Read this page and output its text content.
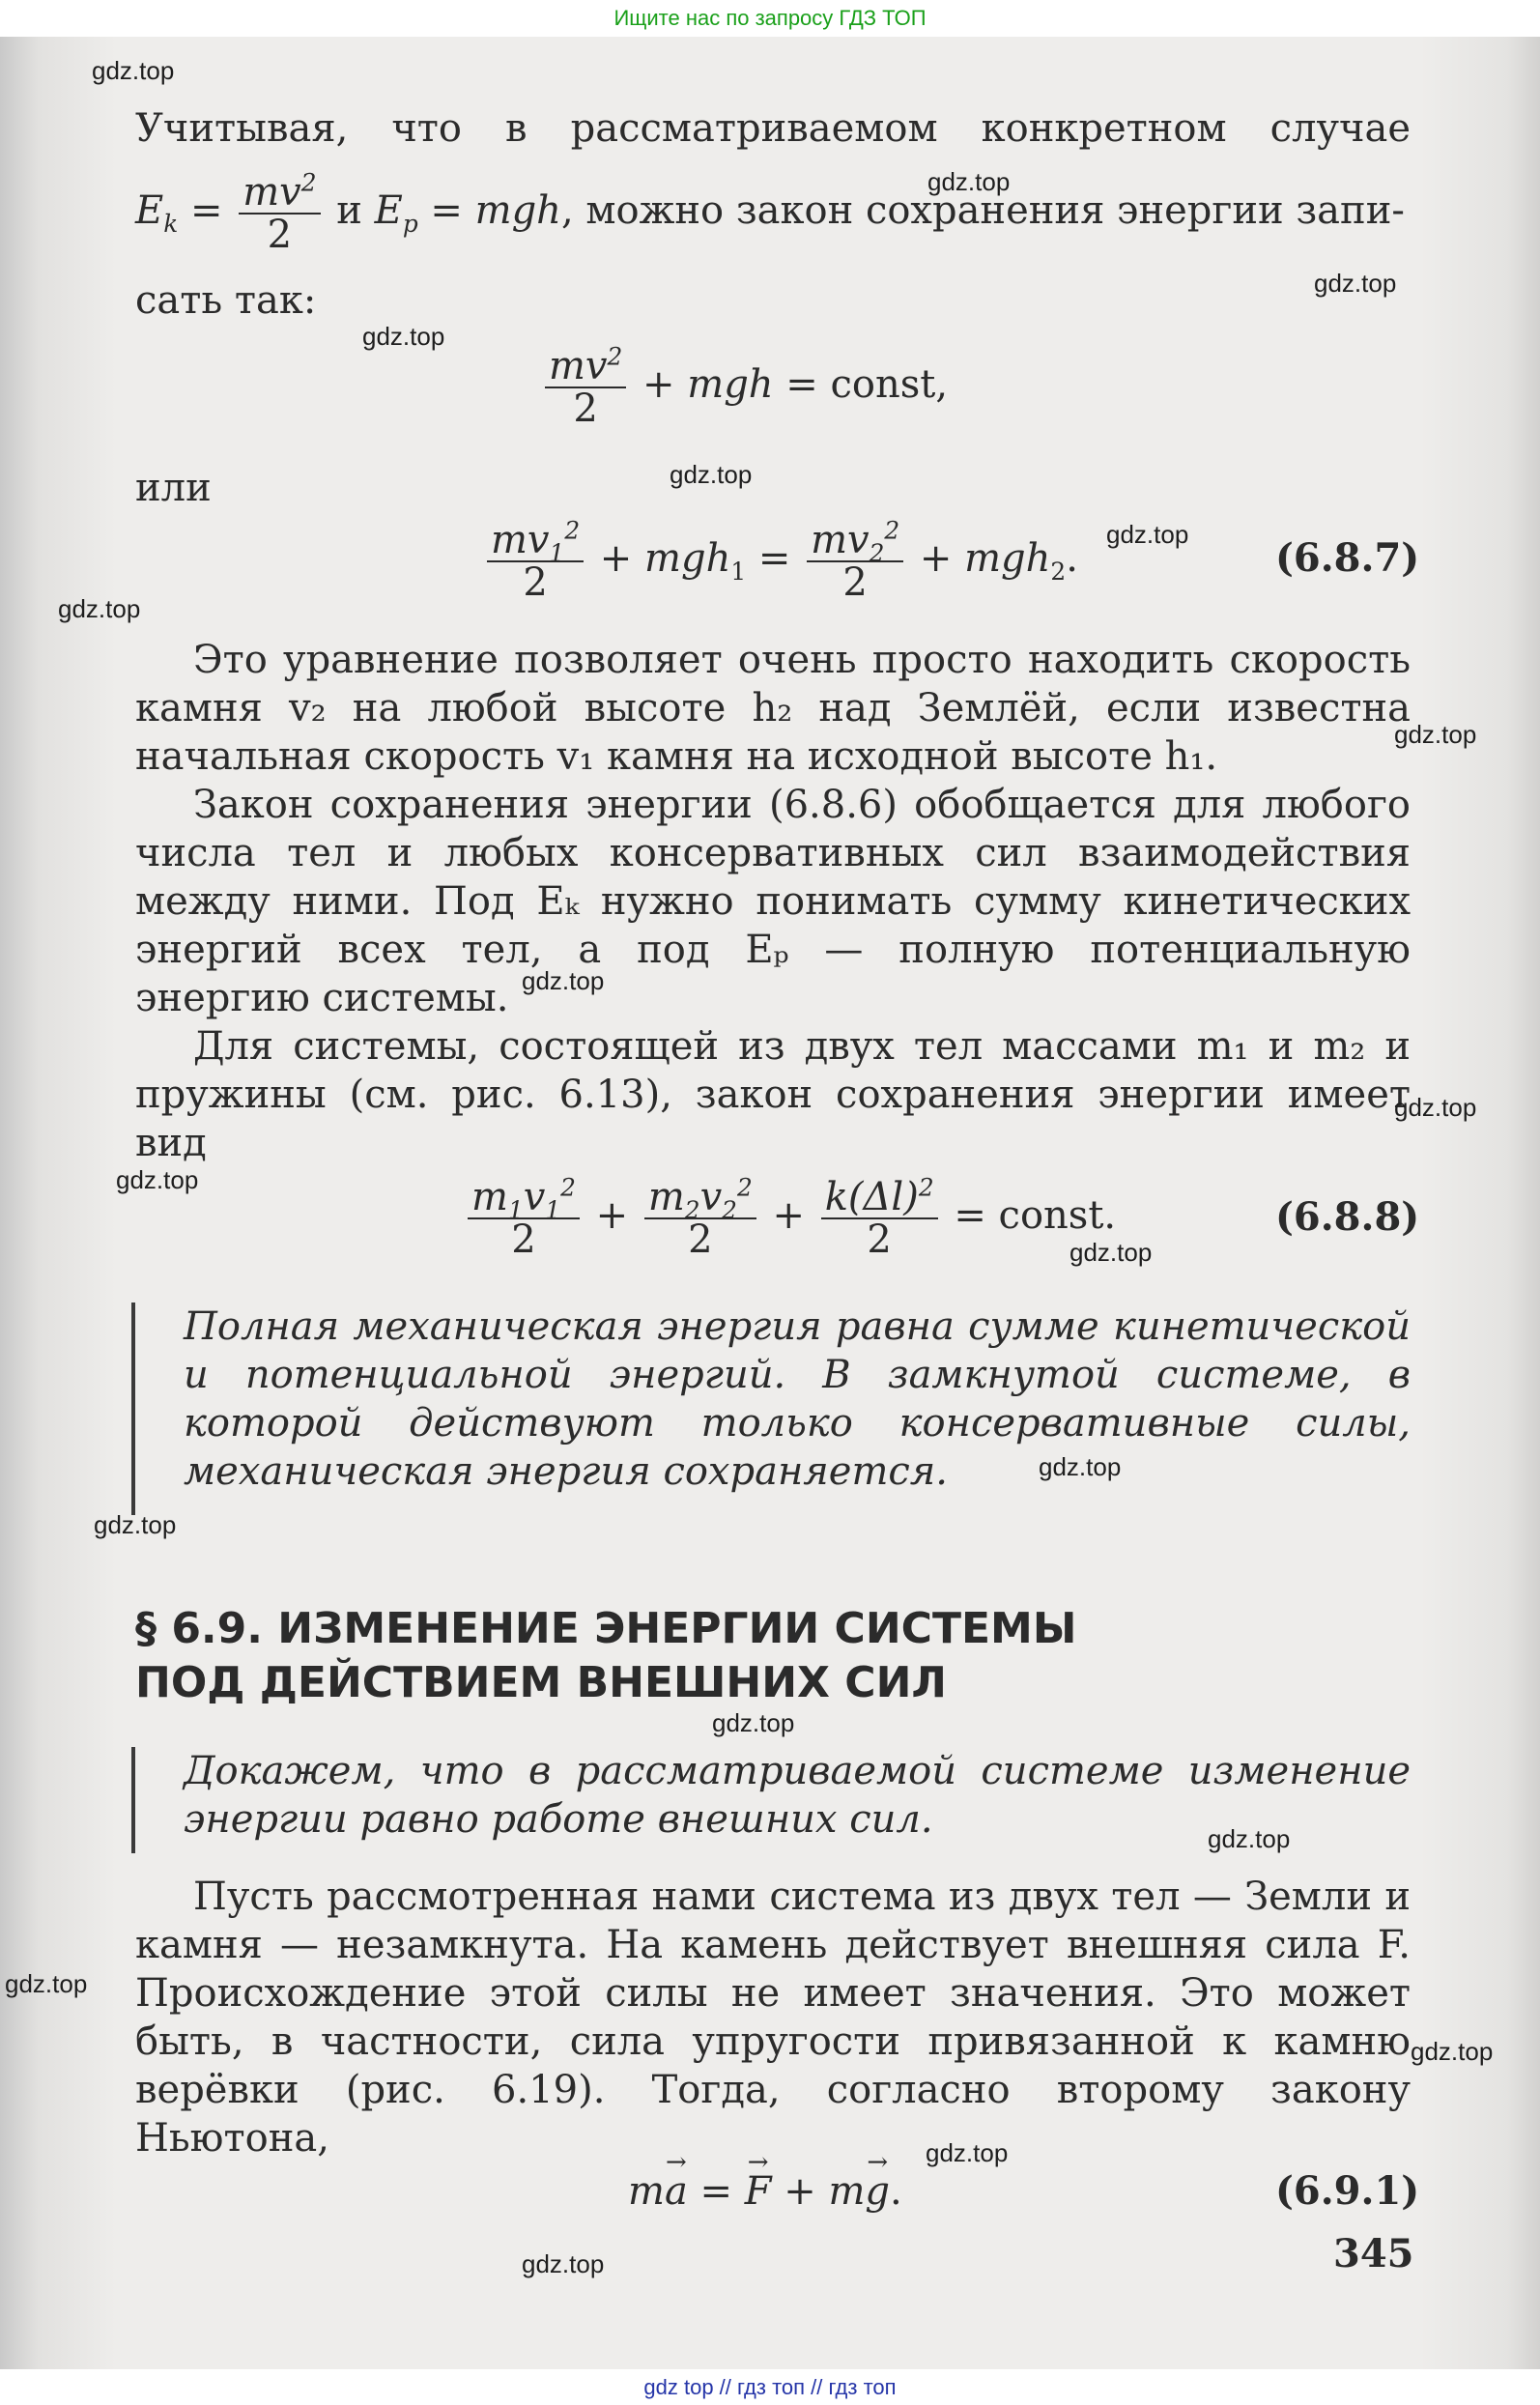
Ищите нас по запросу ГДЗ ТОП

Учитывая, что в рассматриваемом конкретном случае

$E_k = \frac{mv^2}{2}$ и $E_p$ = mgh, можно закон сохранения энергии запи-

сать так:

$\frac{mv^2}{2}$ + mgh = const,

или

$\frac{mv_1^2}{2} + mgh_1 = \frac{mv_2^2}{2} + mgh_2$.	(6.8.7)

Это уравнение позволяет очень просто находить скорость камня v₂ на любой высоте h₂ над Землёй, если известна начальная скорость v₁ камня на исходной высоте h₁.

Закон сохранения энергии (6.8.6) обобщается для любого числа тел и любых консервативных сил взаимодействия между ними. Под Eₖ нужно понимать сумму кинетических энергий всех тел, а под Eₚ — полную потенциальную энергию системы.

Для системы, состоящей из двух тел массами m₁ и m₂ и пружины (см. рис. 6.13), закон сохранения энергии имеет вид

$\frac{m_1v_1^2}{2} + \frac{m_2v_2^2}{2} + \frac{k(\Delta l)^2}{2}$ = const.	(6.8.8)

Полная механическая энергия равна сумме кинетической и потенциальной энергий. В замкнутой системе, в которой действуют только консервативные силы, механическая энергия сохраняется.

§ 6.9. ИЗМЕНЕНИЕ ЭНЕРГИИ СИСТЕМЫ
ПОД ДЕЙСТВИЕМ ВНЕШНИХ СИЛ

Докажем, что в рассматриваемой системе изменение энергии равно работе внешних сил.

Пусть рассмотренная нами система из двух тел — Земли и камня — незамкнута. На камень действует внешняя сила F. Происхождение этой силы не имеет значения. Это может быть, в частности, сила упругости привязанной к камню верёвки (рис. 6.19). Тогда, согласно второму закону Ньютона,

m→ a = → F + m→ g.	(6.9.1)
345
gdz.top
gdz.top
gdz.top
gdz.top
gdz.top
gdz.top
gdz.top
gdz.top
gdz.top
gdz.top
gdz.top
gdz.top
gdz.top
gdz.top
gdz.top
gdz.top
gdz.top
gdz.top
gdz.top
gdz.top
gdz top // гдз топ // гдз топ
